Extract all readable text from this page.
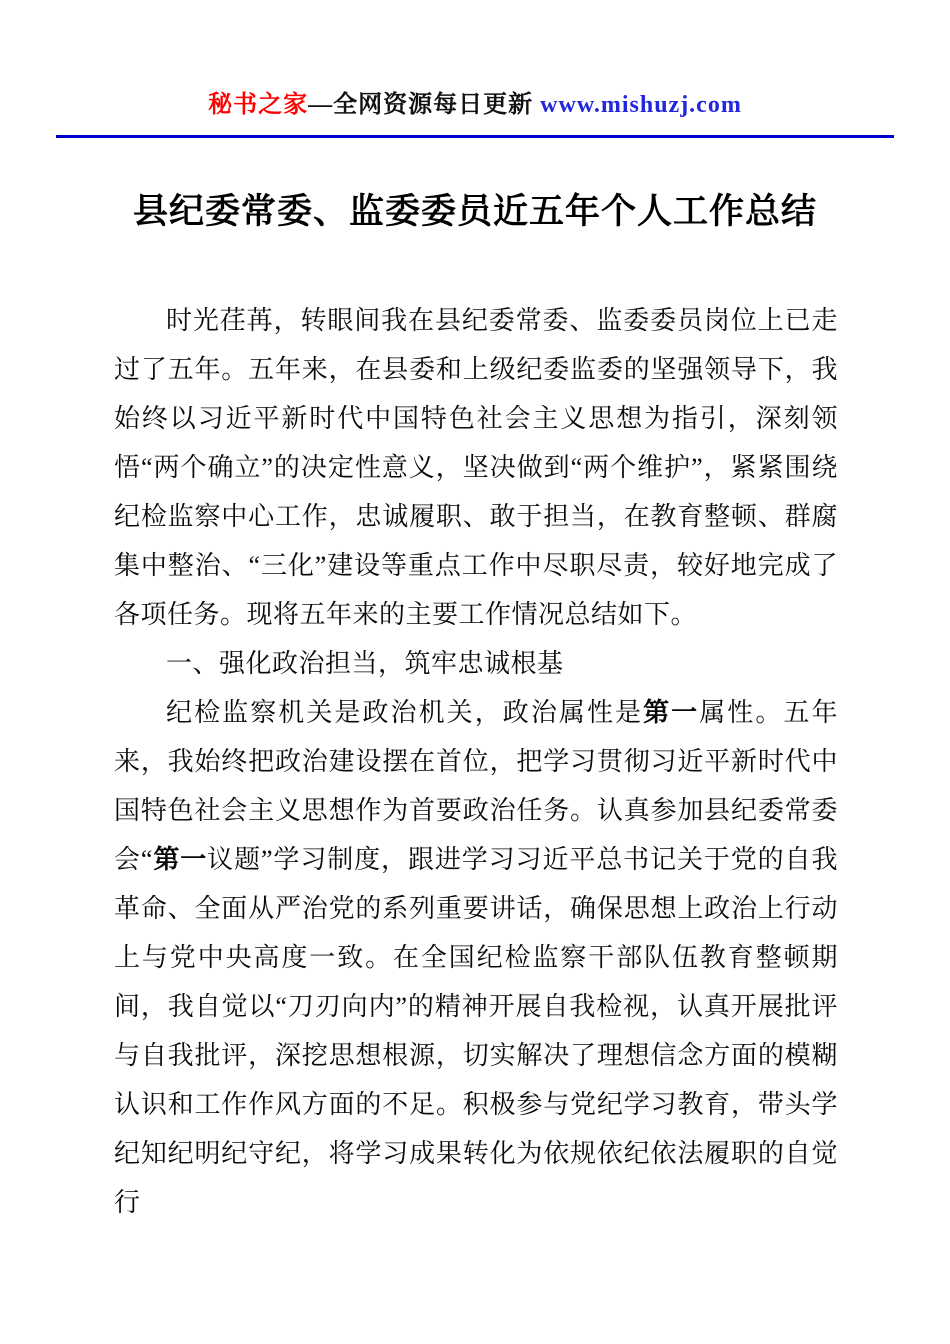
秘书之家—全网资源每日更新 www.mishuzj.com
县纪委常委、监委委员近五年个人工作总结

时光荏苒，转眼间我在县纪委常委、监委委员岗位上已走过了五年。五年来，在县委和上级纪委监委的坚强领导下，我始终以习近平新时代中国特色社会主义思想为指引，深刻领悟“两个确立”的决定性意义，坚决做到“两个维护”，紧紧围绕纪检监察中心工作，忠诚履职、敢于担当，在教育整顿、群腐集中整治、“三化”建设等重点工作中尽职尽责，较好地完成了各项任务。现将五年来的主要工作情况总结如下。

一、强化政治担当，筑牢忠诚根基

纪检监察机关是政治机关，政治属性是第一属性。五年来，我始终把政治建设摆在首位，把学习贯彻习近平新时代中国特色社会主义思想作为首要政治任务。认真参加县纪委常委会“第一议题”学习制度，跟进学习习近平总书记关于党的自我革命、全面从严治党的系列重要讲话，确保思想上政治上行动上与党中央高度一致。在全国纪检监察干部队伍教育整顿期间，我自觉以“刀刃向内”的精神开展自我检视，认真开展批评与自我批评，深挖思想根源，切实解决了理想信念方面的模糊认识和工作作风方面的不足。积极参与党纪学习教育，带头学纪知纪明纪守纪，将学习成果转化为依规依纪依法履职的自觉行
